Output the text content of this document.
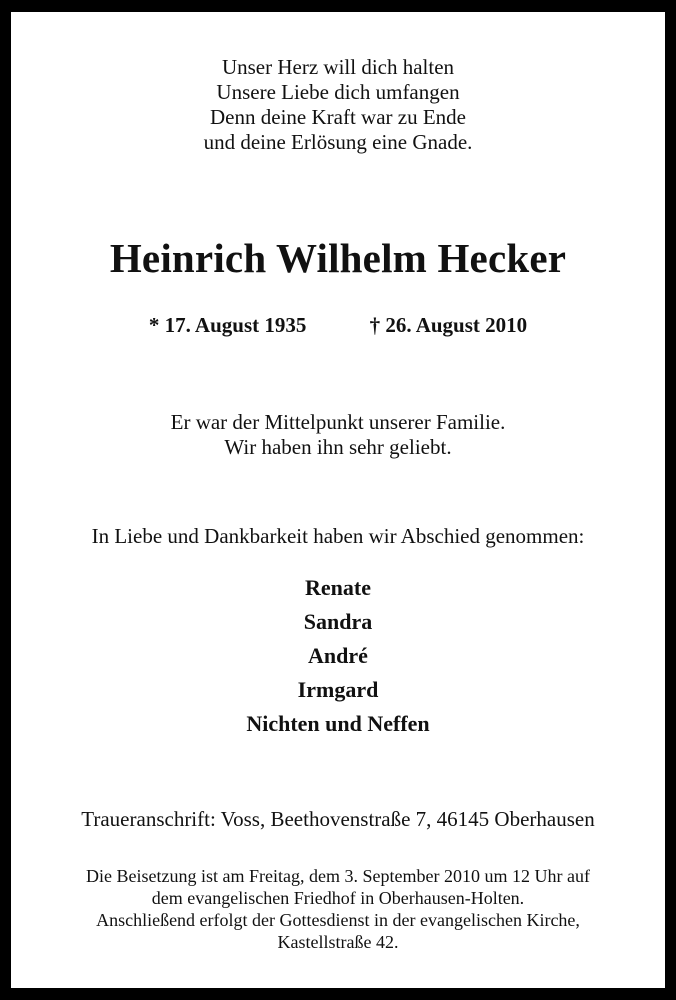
Unser Herz will dich halten
Unsere Liebe dich umfangen
Denn deine Kraft war zu Ende
und deine Erlösung eine Gnade.
Heinrich Wilhelm Hecker
* 17. August 1935	† 26. August 2010
Er war der Mittelpunkt unserer Familie.
Wir haben ihn sehr geliebt.
In Liebe und Dankbarkeit haben wir Abschied genommen:
Renate
Sandra
André
Irmgard
Nichten und Neffen
Traueranschrift: Voss, Beethovenstraße 7, 46145 Oberhausen
Die Beisetzung ist am Freitag, dem 3. September 2010 um 12 Uhr auf
dem evangelischen Friedhof in Oberhausen-Holten.
Anschließend erfolgt der Gottesdienst in der evangelischen Kirche,
Kastellstraße 42.
